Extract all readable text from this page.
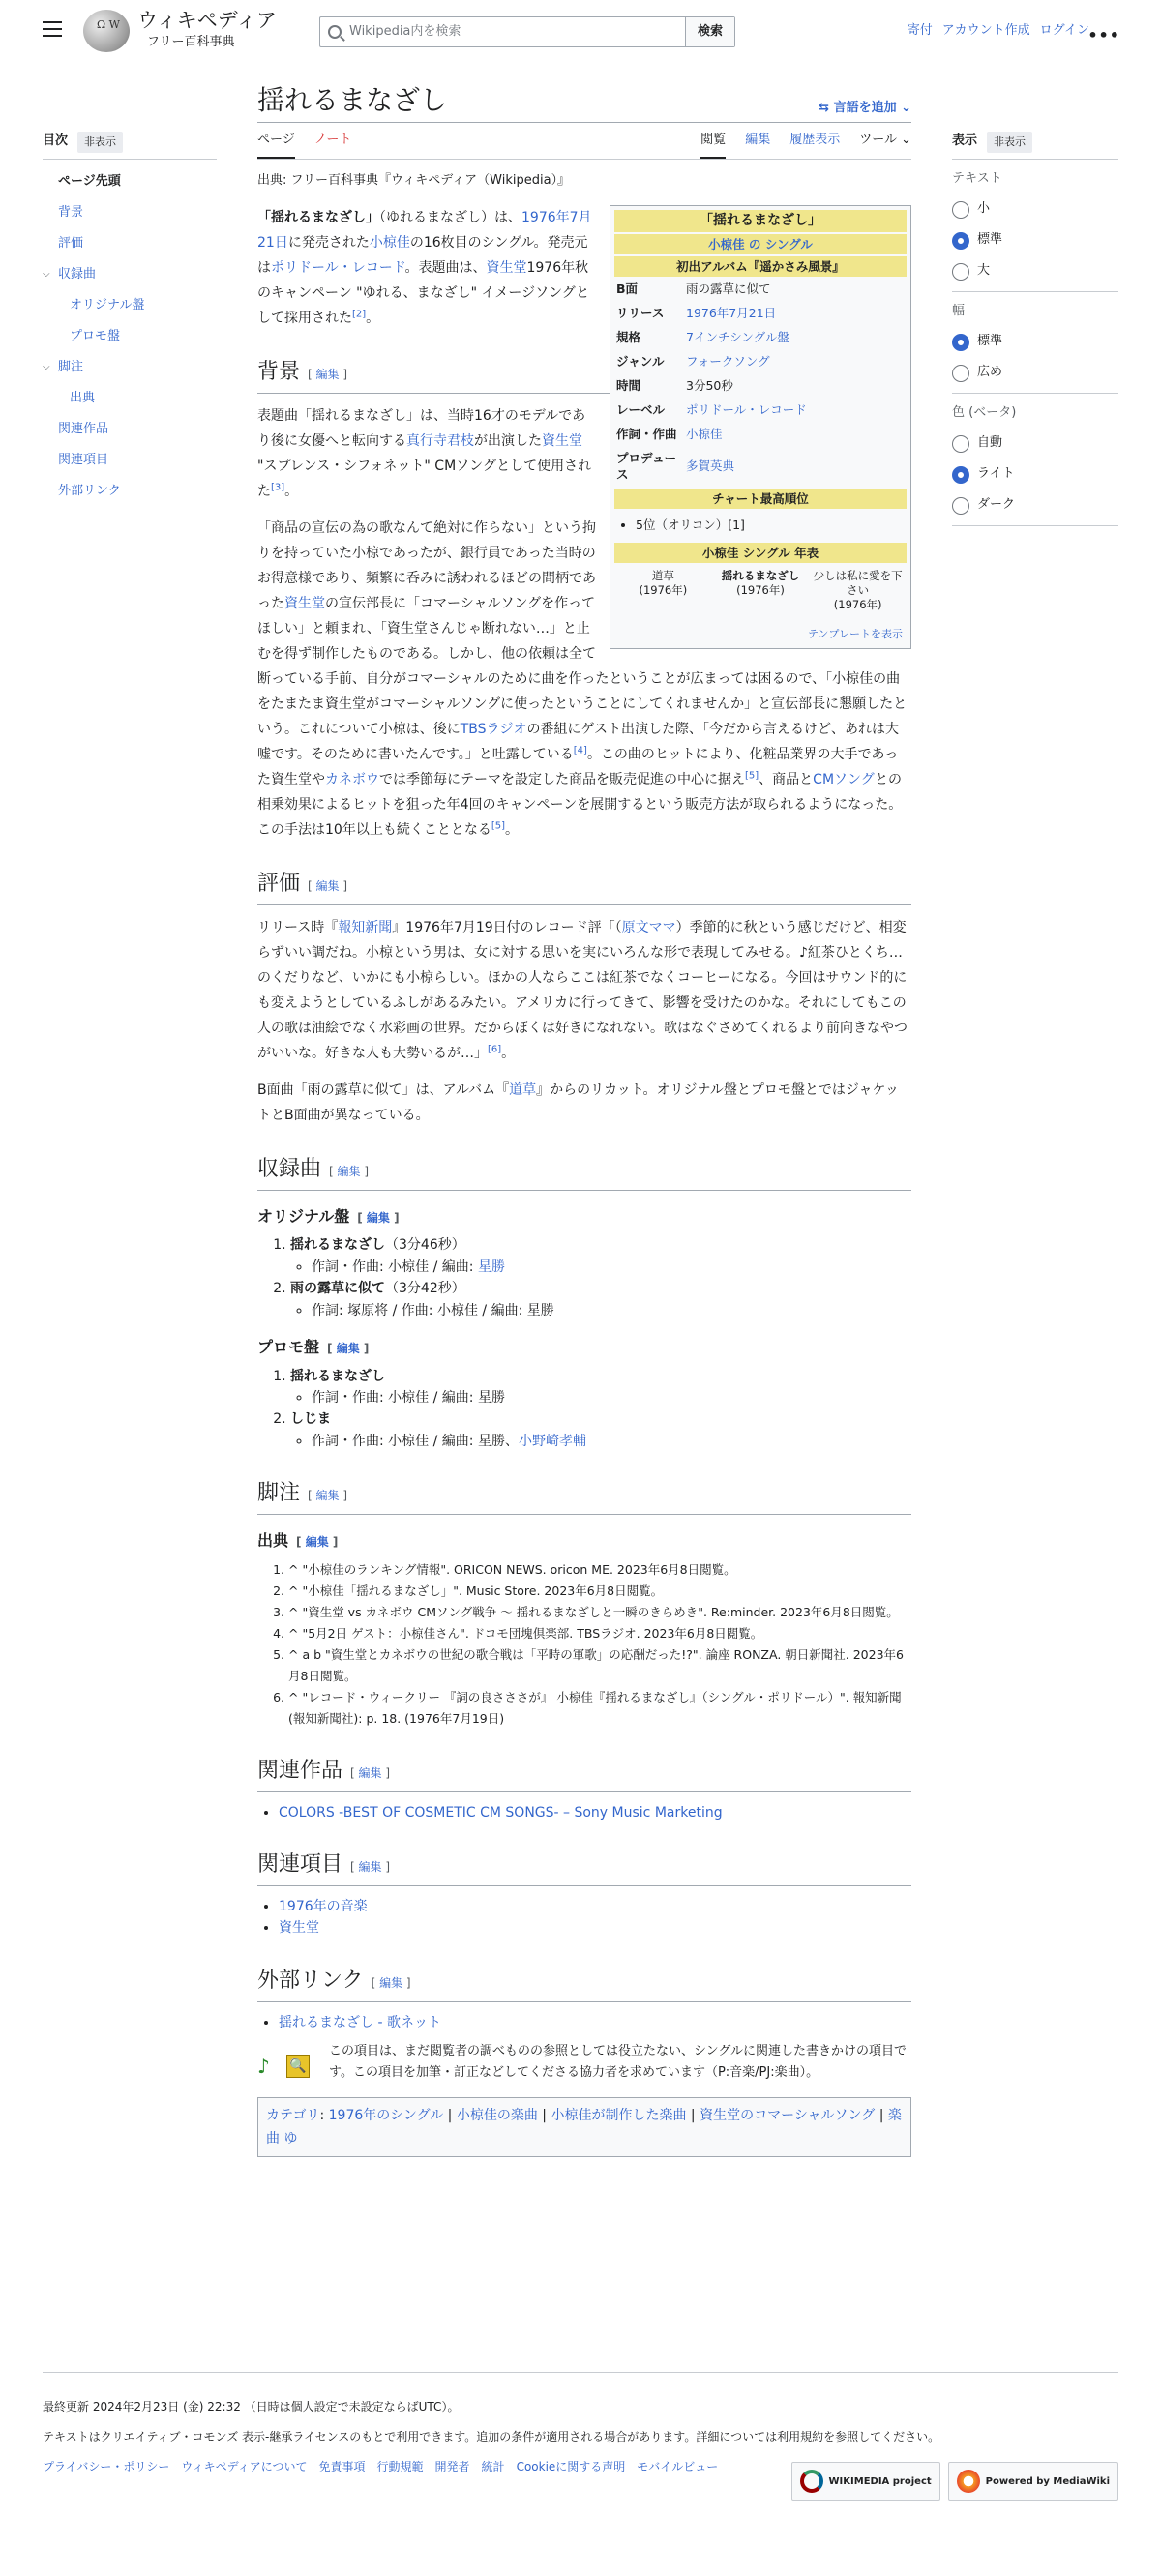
Ω W ウィキペディア
フリー百科事典
Wikipedia内を検索	検索	寄付 アカウント作成 ログイン
•••
目次	非表示
ページ先頭
背景
評価
⌵ 収録曲
オリジナル盤
プロモ盤
⌵ 脚注
出典
関連作品
関連項目
外部リンク
表示	非表示
テキスト
小
標準
大
幅
標準
広め
色 (ベータ)
自動
ライト
ダーク
揺れるまなざし	⇆ 言語を追加 ⌄
ページ ノート	閲覧 編集 履歴表示 ツール ⌄
出典: フリー百科事典『ウィキペディア（Wikipedia）』
「揺れるまなざし」
小椋佳 の シングル
初出アルバム『遥かさみ風景』
B面	雨の露草に似て
リリース	1976年7月21日
規格	7インチシングル盤
ジャンル	フォークソング
時間	3分50秒
レーベル	ポリドール・レコード
作詞・作曲	小椋佳
プロデュース	多賀英典
チャート最高順位
• 5位（オリコン）[1]
小椋佳 シングル 年表
道草
(1976年)
揺れるまなざし
(1976年)
少しは私に愛を下さい
(1976年)
テンプレートを表示

「揺れるまなざし」（ゆれるまなざし）は、1976年7月21日に発売された小椋佳の16枚目のシングル。発売元はポリドール・レコード。表題曲は、資生堂1976年秋のキャンペーン "ゆれる、まなざし" イメージソングとして採用された[2]。

背景 [ 編集 ]

表題曲「揺れるまなざし」は、当時16才のモデルであり後に女優へと転向する真行寺君枝が出演した資生堂 "スプレンス・シフォネット" CMソングとして使用された[3]。

「商品の宣伝の為の歌なんて絶対に作らない」という拘りを持っていた小椋であったが、銀行員であった当時のお得意様であり、頻繁に呑みに誘われるほどの間柄であった資生堂の宣伝部長に「コマーシャルソングを作ってほしい」と頼まれ、「資生堂さんじゃ断れない…」と止むを得ず制作したものである。しかし、他の依頼は全て断っている手前、自分がコマーシャルのために曲を作ったということが広まっては困るので、「小椋佳の曲をたまたま資生堂がコマーシャルソングに使ったということにしてくれませんか」と宣伝部長に懇願したという。これについて小椋は、後にTBSラジオの番組にゲスト出演した際、「今だから言えるけど、あれは大嘘です。そのために書いたんです。」と吐露している[4]。この曲のヒットにより、化粧品業界の大手であった資生堂やカネボウでは季節毎にテーマを設定した商品を販売促進の中心に据え[5]、商品とCMソングとの相乗効果によるヒットを狙った年4回のキャンペーンを展開するという販売方法が取られるようになった。この手法は10年以上も続くこととなる[5]。

評価 [ 編集 ]

リリース時『報知新聞』1976年7月19日付のレコード評「（原文ママ）季節的に秋という感じだけど、相変らずいい調だね。小椋という男は、女に対する思いを実にいろんな形で表現してみせる。♪紅茶ひとくち…のくだりなど、いかにも小椋らしい。ほかの人ならここは紅茶でなくコーヒーになる。今回はサウンド的にも変えようとしているふしがあるみたい。アメリカに行ってきて、影響を受けたのかな。それにしてもこの人の歌は油絵でなく水彩画の世界。だからぼくは好きになれない。歌はなぐさめてくれるより前向きなやつがいいな。好きな人も大勢いるが…」[6]。

B面曲「雨の露草に似て」は、アルバム『道草』からのリカット。オリジナル盤とプロモ盤とではジャケットとB面曲が異なっている。

収録曲 [ 編集 ]
オリジナル盤 [ 編集 ]
1. 揺れるまなざし（3分46秒）
◦ 作詞・作曲: 小椋佳 / 編曲: 星勝
2. 雨の露草に似て（3分42秒）
◦ 作詞: 塚原将 / 作曲: 小椋佳 / 編曲: 星勝
プロモ盤 [ 編集 ]
1. 揺れるまなざし
◦ 作詞・作曲: 小椋佳 / 編曲: 星勝
2. しじま
◦ 作詞・作曲: 小椋佳 / 編曲: 星勝、小野崎孝輔
脚注 [ 編集 ]
出典 [ 編集 ]
1. ^ "小椋佳のランキング情報". ORICON NEWS. oricon ME. 2023年6月8日閲覧。
2. ^ "小椋佳「揺れるまなざし」". Music Store. 2023年6月8日閲覧。
3. ^ "資生堂 vs カネボウ CMソング戦争 〜 揺れるまなざしと一瞬のきらめき". Re:minder. 2023年6月8日閲覧。
4. ^ "5月2日 ゲスト：小椋佳さん". ドコモ団塊倶楽部. TBSラジオ. 2023年6月8日閲覧。
5. ^ a b "資生堂とカネボウの世紀の歌合戦は「平時の軍歌」の応酬だった!?". 論座 RONZA. 朝日新聞社. 2023年6月8日閲覧。
6. ^ "レコード・ウィークリー 『詞の良さささが』 小椋佳『揺れるまなざし』（シングル・ポリドール）". 報知新聞 (報知新聞社): p. 18. (1976年7月19日)
関連作品 [ 編集 ]
• COLORS -BEST OF COSMETIC CM SONGS- – Sony Music Marketing
関連項目 [ 編集 ]
• 1976年の音楽
• 資生堂
外部リンク [ 編集 ]
• 揺れるまなざし - 歌ネット
♪	🔍
この項目は、まだ閲覧者の調べものの参照としては役立たない、シングルに関連した書きかけの項目です。この項目を加筆・訂正などしてくださる協力者を求めています（P:音楽/PJ:楽曲）。
カテゴリ: 1976年のシングル | 小椋佳の楽曲 | 小椋佳が制作した楽曲 | 資生堂のコマーシャルソング | 楽曲 ゆ
最終更新 2024年2月23日 (金) 22:32 （日時は個人設定で未設定ならばUTC）。
テキストはクリエイティブ・コモンズ 表示-継承ライセンスのもとで利用できます。追加の条件が適用される場合があります。詳細については利用規約を参照してください。
プライバシー・ポリシー ウィキペディアについて 免責事項 行動規範 開発者 統計 Cookieに関する声明 モバイルビュー
WIKIMEDIA project	Powered by MediaWiki
